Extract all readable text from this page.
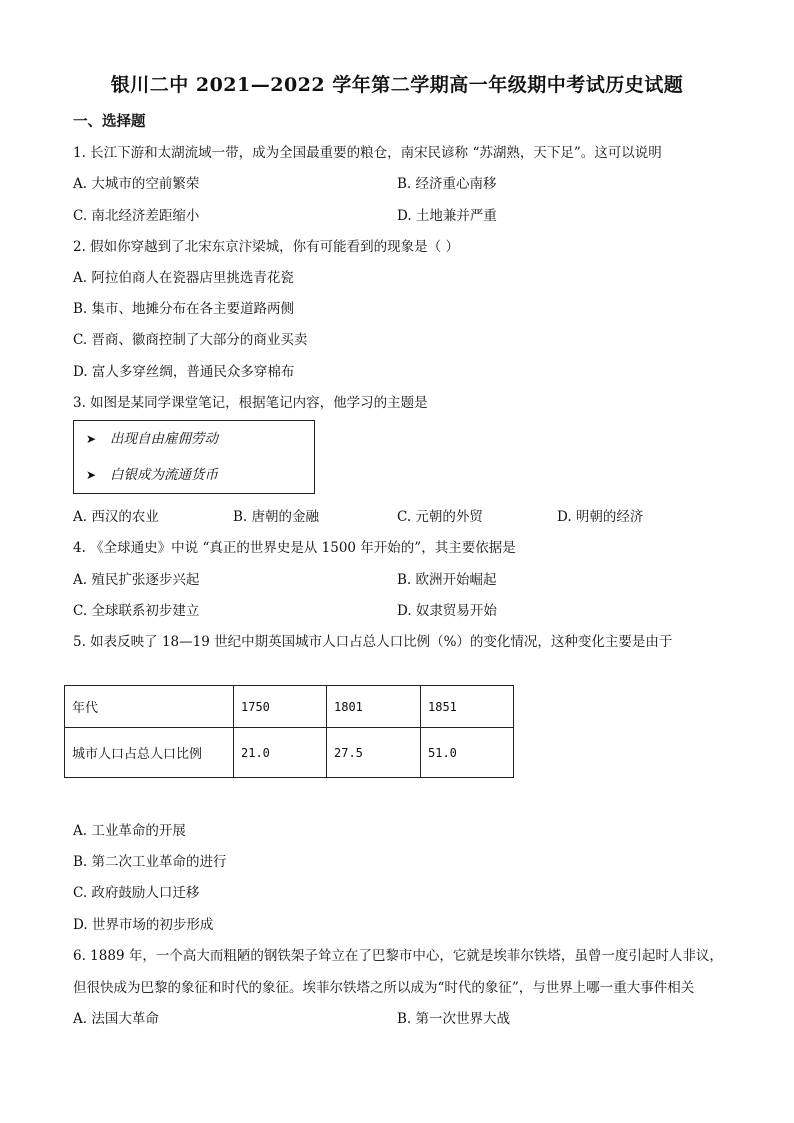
银川二中 2021—2022 学年第二学期高一年级期中考试历史试题
一、选择题
1. 长江下游和太湖流域一带，成为全国最重要的粮仓，南宋民谚称 “苏湖熟，天下足”。这可以说明
A. 大城市的空前繁荣	B. 经济重心南移
C. 南北经济差距缩小	D. 土地兼并严重
2. 假如你穿越到了北宋东京汴梁城，你有可能看到的现象是（ ）
A. 阿拉伯商人在瓷器店里挑选青花瓷
B. 集市、地摊分布在各主要道路两侧
C. 晋商、徽商控制了大部分的商业买卖
D. 富人多穿丝绸，普通民众多穿棉布
3. 如图是某同学课堂笔记，根据笔记内容，他学习的主题是
➤ 出现自由雇佣劳动
➤ 白银成为流通货币
A. 西汉的农业	B. 唐朝的金融	C. 元朝的外贸	D. 明朝的经济
4. 《全球通史》中说 “真正的世界史是从 1500 年开始的”，其主要依据是
A. 殖民扩张逐步兴起	B. 欧洲开始崛起
C. 全球联系初步建立	D. 奴隶贸易开始
5. 如表反映了 18—19 世纪中期英国城市人口占总人口比例（%）的变化情况，这种变化主要是由于
年代	1750	1801	1851
城市人口占总人口比例	21.0	27.5	51.0
A. 工业革命的开展
B. 第二次工业革命的进行
C. 政府鼓励人口迁移
D. 世界市场的初步形成
6. 1889 年，一个高大而粗陋的钢铁架子耸立在了巴黎市中心，它就是埃菲尔铁塔，虽曾一度引起时人非议，
但很快成为巴黎的象征和时代的象征。埃菲尔铁塔之所以成为“时代的象征”，与世界上哪一重大事件相关
A. 法国大革命	B. 第一次世界大战
